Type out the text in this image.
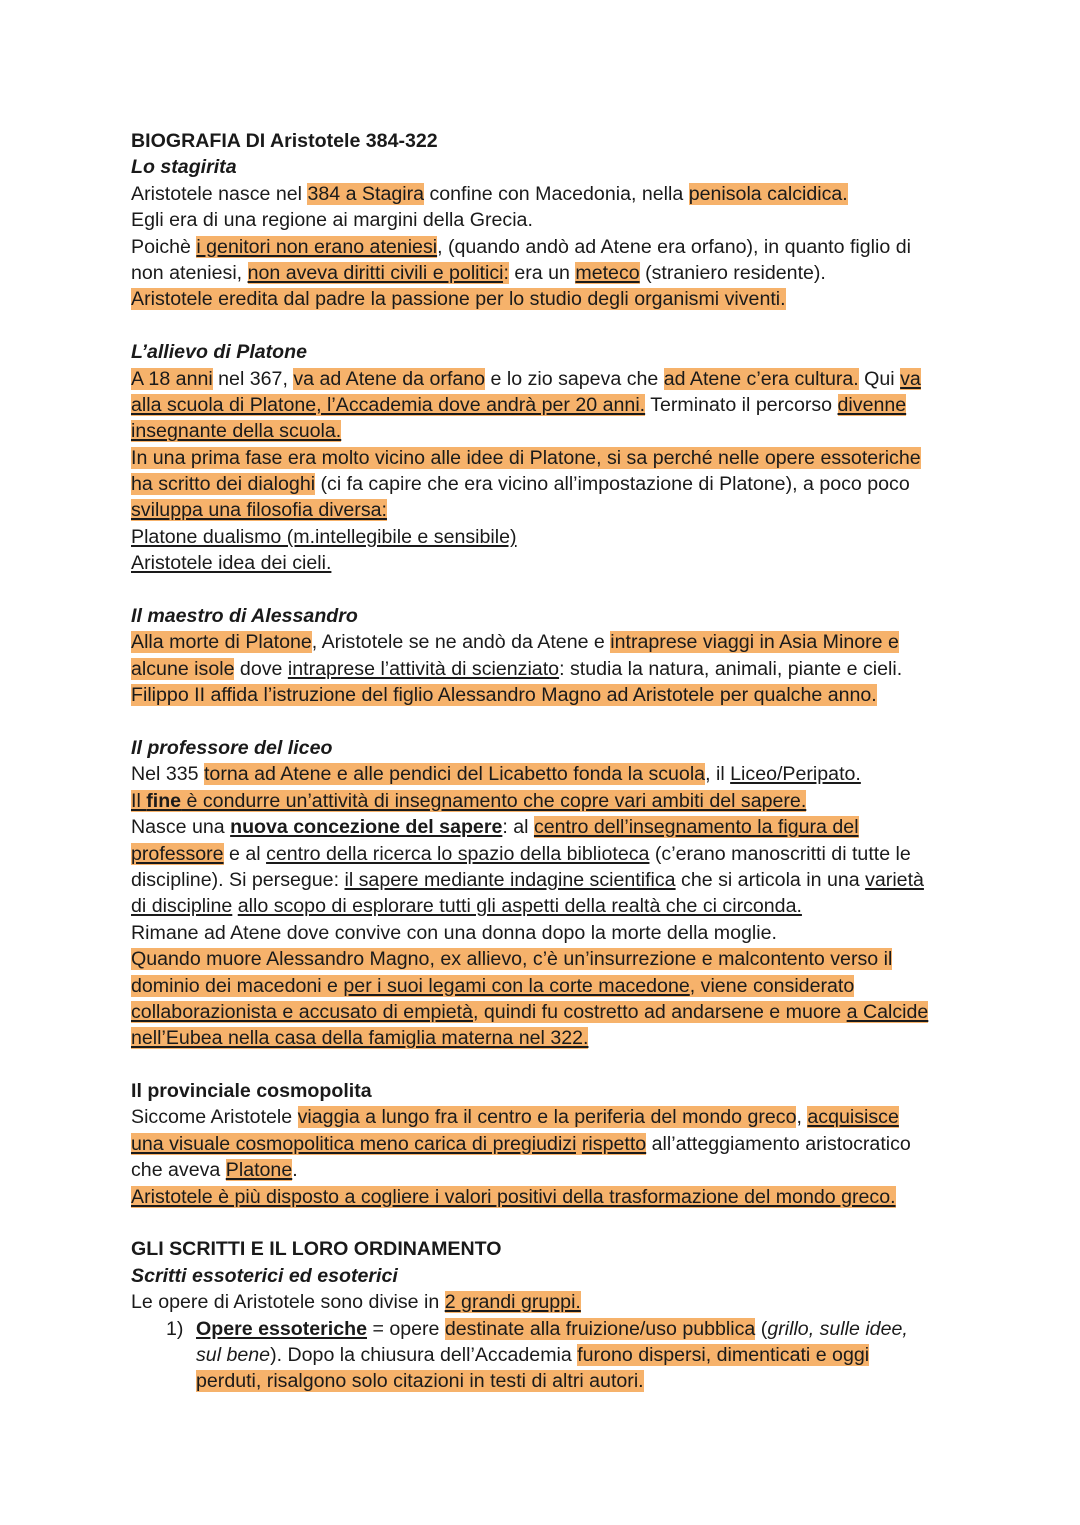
BIOGRAFIA DI Aristotele 384-322
Lo stagirita
Aristotele nasce nel 384 a Stagira confine con Macedonia, nella penisola calcidica.
Egli era di una regione ai margini della Grecia.
Poichè i genitori non erano ateniesi, (quando andò ad Atene era orfano), in quanto figlio di
non ateniesi, non aveva diritti civili e politici: era un meteco (straniero residente).
Aristotele eredita dal padre la passione per lo studio degli organismi viventi.
L’allievo di Platone
A 18 anni nel 367, va ad Atene da orfano e lo zio sapeva che ad Atene c’era cultura. Qui va
alla scuola di Platone, l’Accademia dove andrà per 20 anni. Terminato il percorso divenne
insegnante della scuola.
In una prima fase era molto vicino alle idee di Platone, si sa perché nelle opere essoteriche
ha scritto dei dialoghi (ci fa capire che era vicino all’impostazione di Platone), a poco poco
sviluppa una filosofia diversa:
Platone dualismo (m.intellegibile e sensibile)
Aristotele idea dei cieli.
Il maestro di Alessandro
Alla morte di Platone, Aristotele se ne andò da Atene e intraprese viaggi in Asia Minore e
alcune isole dove intraprese l’attività di scienziato: studia la natura, animali, piante e cieli.
Filippo II affida l’istruzione del figlio Alessandro Magno ad Aristotele per qualche anno.
Il professore del liceo
Nel 335 torna ad Atene e alle pendici del Licabetto fonda la scuola, il Liceo/Peripato.
Il fine è condurre un’attività di insegnamento che copre vari ambiti del sapere.
Nasce una nuova concezione del sapere: al centro dell’insegnamento la figura del
professore e al centro della ricerca lo spazio della biblioteca (c’erano manoscritti di tutte le
discipline). Si persegue: il sapere mediante indagine scientifica che si articola in una varietà
di discipline allo scopo di esplorare tutti gli aspetti della realtà che ci circonda.
Rimane ad Atene dove convive con una donna dopo la morte della moglie.
Quando muore Alessandro Magno, ex allievo, c’è un’insurrezione e malcontento verso il
dominio dei macedoni e per i suoi legami con la corte macedone, viene considerato
collaborazionista e accusato di empietà, quindi fu costretto ad andarsene e muore a Calcide
nell’Eubea nella casa della famiglia materna nel 322.
Il provinciale cosmopolita
Siccome Aristotele viaggia a lungo fra il centro e la periferia del mondo greco, acquisisce
una visuale cosmopolitica meno carica di pregiudizi rispetto all’atteggiamento aristocratico
che aveva Platone.
Aristotele è più disposto a cogliere i valori positivi della trasformazione del mondo greco.
GLI SCRITTI E IL LORO ORDINAMENTO
Scritti essoterici ed esoterici
Le opere di Aristotele sono divise in 2 grandi gruppi.
1) Opere essoteriche = opere destinate alla fruizione/uso pubblica (grillo, sulle idee,
sul bene). Dopo la chiusura dell’Accademia furono dispersi, dimenticati e oggi
perduti, risalgono solo citazioni in testi di altri autori.
